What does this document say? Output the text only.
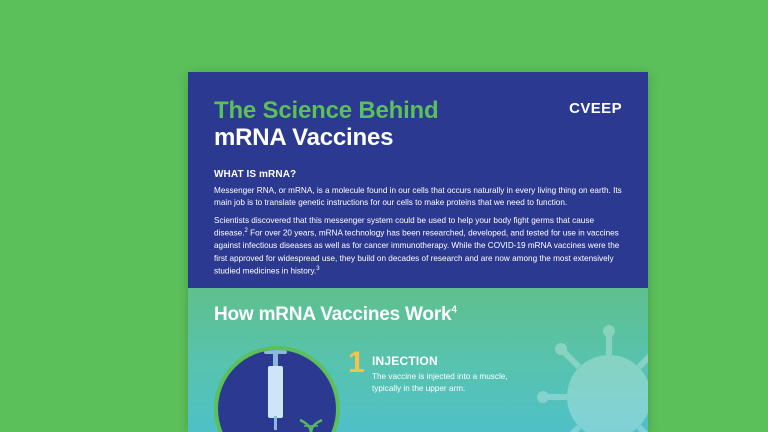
CVEEP
The Science Behind
mRNA Vaccines
WHAT IS mRNA?
Messenger RNA, or mRNA, is a molecule found in our cells that occurs naturally in every living thing on earth. Its main job is to translate genetic instructions for our cells to make proteins that we need to function.
Scientists discovered that this messenger system could be used to help your body fight germs that cause disease.$^2$ For over 20 years, mRNA technology has been researched, developed, and tested for use in vaccines against infectious diseases as well as for cancer immunotherapy. While the COVID-19 mRNA vaccines were the first approved for widespread use, they build on decades of research and are now among the most extensively studied medicines in history.$^3$
How mRNA Vaccines Work$^4$
1 INJECTION
The vaccine is injected into a muscle, typically in the upper arm.
